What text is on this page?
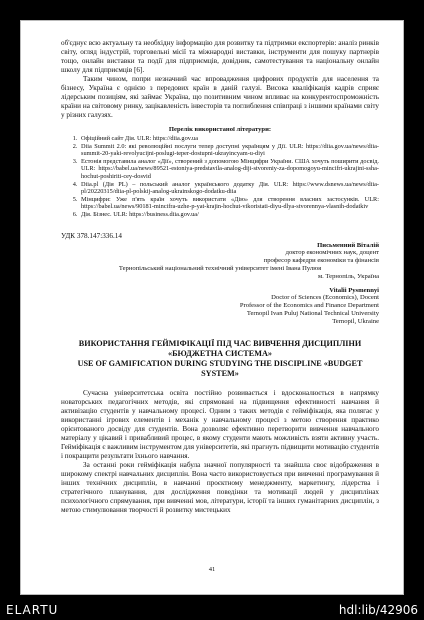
об'єднує всю актуальну та необхідну інформацію для розвитку та підтримки експортерів: аналіз ринків світу, огляд індустрій, торговельні місії та міжнародні виставки, інструменти для пошуку партнерів тощо, онлайн виставки та події для підприємців, довідник, самотестування та національну онлайн школу для підприємців [6].

Таким чином, попри незначний час впровадження цифрових продуктів для населення та бізнесу, Україна є однією з передових країн в даній галузі. Висока кваліфікація кадрів сприяє лідерським позиціям, які займає Україна, що позитивним чином впливає на конкурентоспроможність країни на світовому ринку, зацікавленість інвесторів та поглиблення співпраці з іншими країнами світу у різних галузях.

Перелік використаної літератури:
1. Офіційний сайт Дія. ULR: https://diia.gov.ua
2. Diia Summit 2.0: які революційні послуги тепер доступні українцям у Дії. ULR: https://diia.gov.ua/news/diia-summit-20-yaki-revolyucijni-poslugi-teper-dostupni-ukrayincyam-u-diyi
3. Естонія представила аналог «Дії», створений з допомогою Мінцифри України. США хочуть поширити досвід. ULR: https://babel.ua/news/89521-estoniya-predstavila-analog-diji-stvoreniy-za-dopomogoyu-mincifri-ukrajini-ssha-hochut-poshiriti-cey-dosvid
4. Diia.pl (Дія PL) – польський аналог українського додатку Дія. ULR: https://www.dsnews.ua/news/diia-pl/20220315/diia-pl-polskij-analog-ukrainskogo-dodatku-diia
5. Мінцифри: Уже п'ять країн хочуть використати «Дію» для створення власних застосунків. ULR: https://babel.ua/news/90181-mincifra-uzhe-p-yat-krajin-hochut-vikoristati-diyu-dlya-stvorennya-vlasnih-dodatkiv
6. Дія. Бізнес. ULR: https://business.diia.gov.ua/
УДК 378.147:336.14
Письменний Віталій
доктор економічних наук, доцент
професор кафедри економіки та фінансів
Тернопільський національний технічний університет імені Івана Пулюя
м. Тернопіль, Україна
Vitalii Pysmennyi
Doctor of Sciences (Economics), Docent
Professor of the Economics and Finance Department
Ternopil Ivan Puluj National Technical University
Ternopil, Ukraine
ВИКОРИСТАННЯ ГЕЙМІФІКАЦІЇ ПІД ЧАС ВИВЧЕННЯ ДИСЦИПЛІНИ
«БЮДЖЕТНА СИСТЕМА»
USE OF GAMIFICATION DURING STUDYING THE DISCIPLINE «BUDGET SYSTEM»

Сучасна університетська освіта постійно розвивається і вдосконалюється в напрямку новаторських педагогічних методів, які спрямовані на підвищення ефективності навчання й активізацію студентів у навчальному процесі. Одним з таких методів є гейміфікація, яка полягає у використанні ігрових елементів і механік у навчальному процесі з метою створення практико орієнтованого досвіду для студентів. Вона дозволяє ефективно перетворити вивчення навчального матеріалу у цікавий і привабливий процес, в якому студенти мають можливість взяти активну участь. Гейміфікація є важливим інструментом для університетів, які прагнуть підвищити мотивацію студентів і покращити результати їхнього навчання.

За останні роки гейміфікація набула значної популярності та знайшла своє відображення в широкому спектрі навчальних дисциплін. Вона часто використовується при вивченні програмування й інших технічних дисциплін, в навчанні проєктному менеджменту, маркетингу, лідерства і стратегічного планування, для дослідження поведінки та мотивації людей у дисциплінах психологічного спрямування, при вивченні мов, літератури, історії та інших гуманітарних дисциплін, з метою стимулювання творчості й розвитку мистецьких

41
ELARTU	hdl:lib/42906
